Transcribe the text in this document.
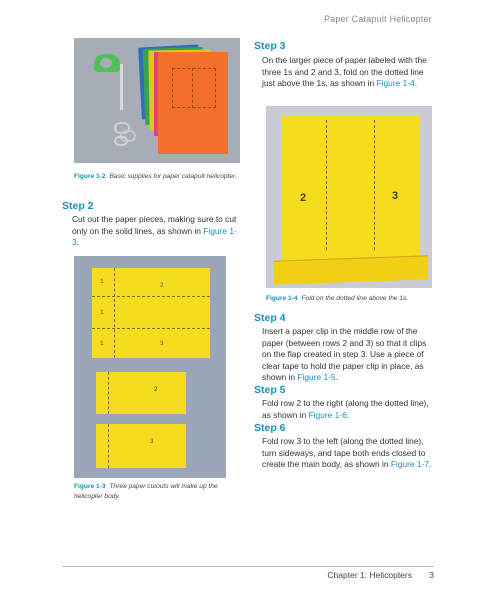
Paper Catapult Helicopter
Figure 1-2 Basic supplies for paper catapult helicopter.
Step 2
Cut out the paper pieces, making sure to cut only on the solid lines, as shown in Figure 1-3.
1
2
1
1	3
2
3
Figure 1-3 Three paper cutouts will make up the helicopter body.
Step 3
On the larger piece of paper labeled with the three 1s and 2 and 3, fold on the dotted line just above the 1s, as shown in Figure 1-4.
2	3
Figure 1-4 Fold on the dotted line above the 1s.
Step 4
Insert a paper clip in the middle row of the paper (between rows 2 and 3) so that it clips on the flap created in step 3. Use a piece of clear tape to hold the paper clip in place, as shown in Figure 1-5.
Step 5
Fold row 2 to the right (along the dotted line), as shown in Figure 1-6.
Step 6
Fold row 3 to the left (along the dotted line), turn sideways, and tape both ends closed to create the main body, as shown in Figure 1-7.
Chapter 1: Helicopters 3
